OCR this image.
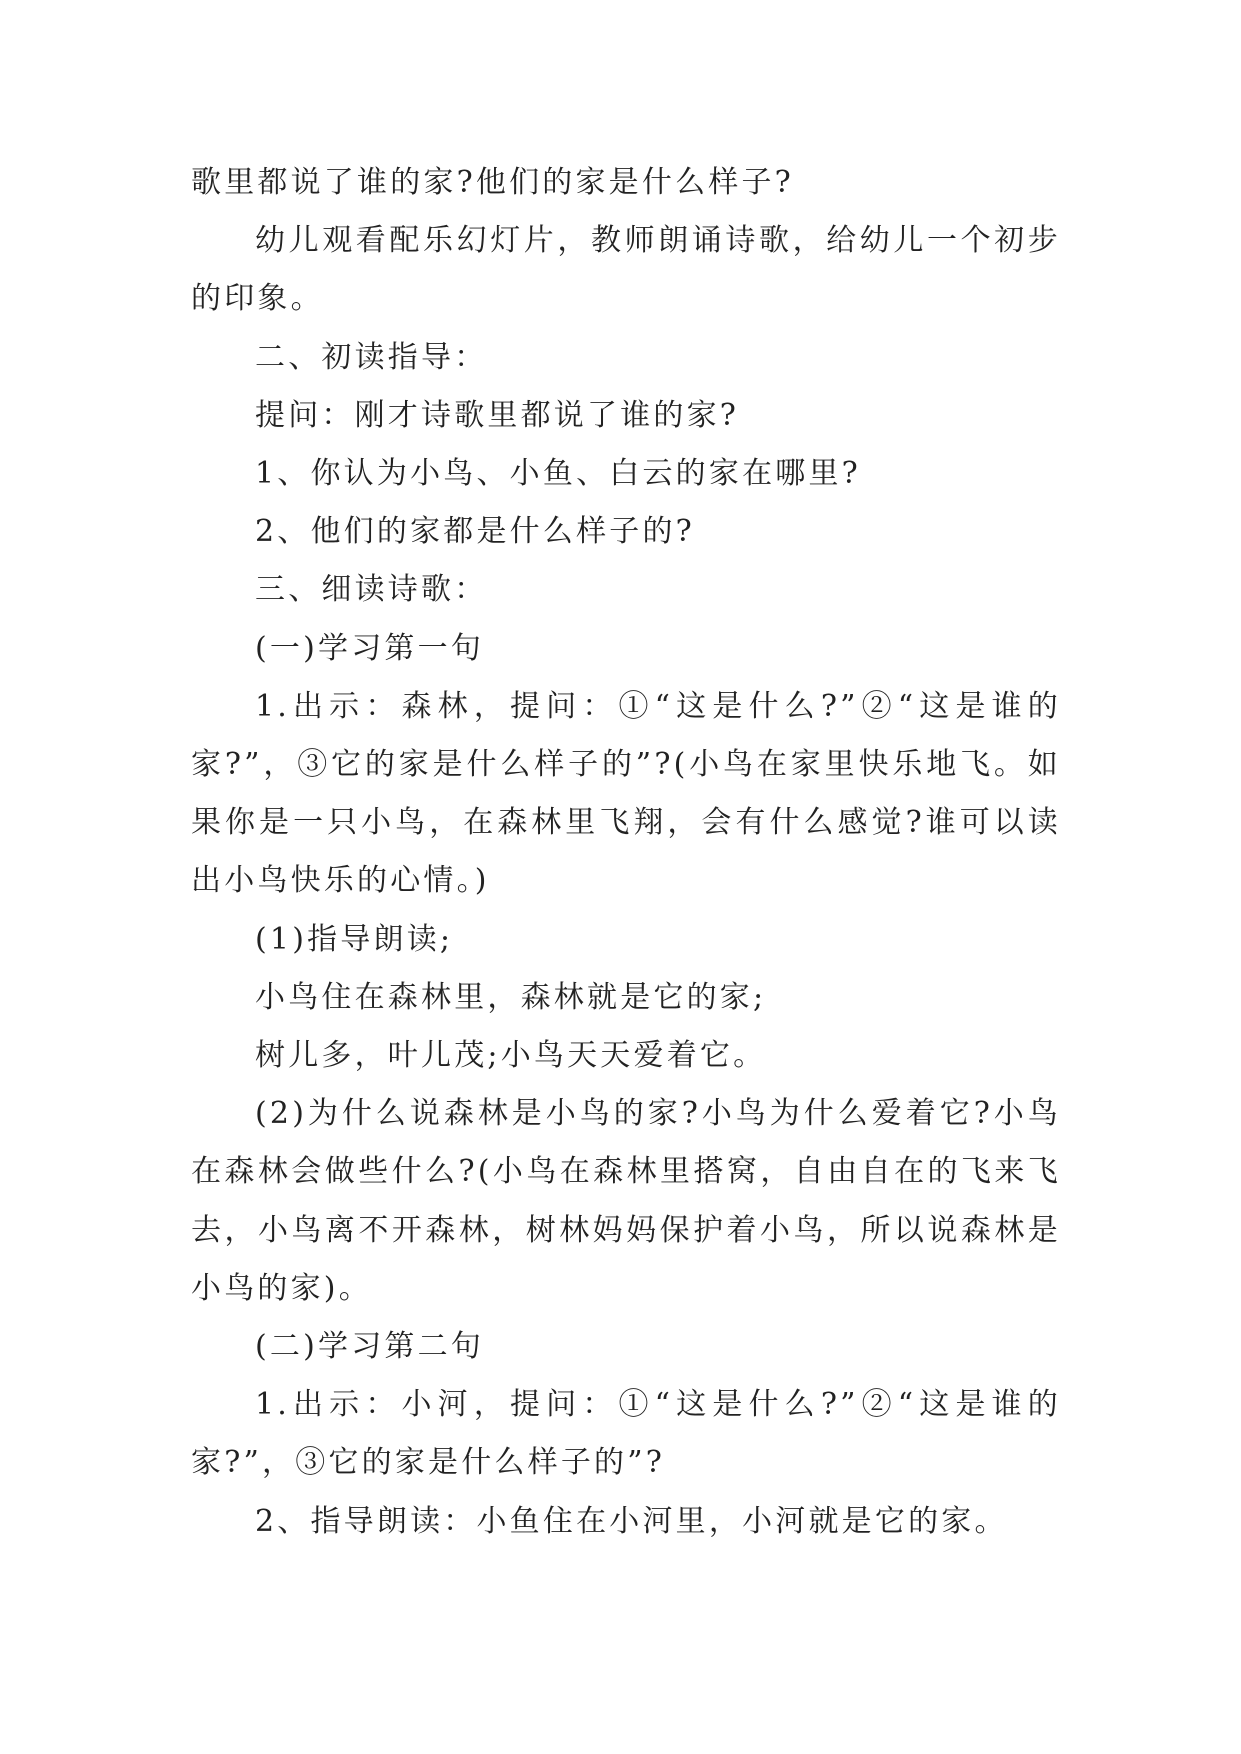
歌里都说了谁的家?他们的家是什么样子?

幼儿观看配乐幻灯片，教师朗诵诗歌，给幼儿一个初步的印象。

二、初读指导：

提问：刚才诗歌里都说了谁的家?

1、你认为小鸟、小鱼、白云的家在哪里?

2、他们的家都是什么样子的?

三、细读诗歌：

(一)学习第一句

1.出示：森林，提问：①“这是什么?”②“这是谁的家?”，③它的家是什么样子的”?(小鸟在家里快乐地飞。如果你是一只小鸟，在森林里飞翔，会有什么感觉?谁可以读出小鸟快乐的心情。)

(1)指导朗读;

小鸟住在森林里，森林就是它的家;

树儿多，叶儿茂;小鸟天天爱着它。

(2)为什么说森林是小鸟的家?小鸟为什么爱着它?小鸟在森林会做些什么?(小鸟在森林里搭窝，自由自在的飞来飞去，小鸟离不开森林，树林妈妈保护着小鸟，所以说森林是小鸟的家)。

(二)学习第二句

1.出示：小河，提问：①“这是什么?”②“这是谁的家?”，③它的家是什么样子的”?

2、指导朗读：小鱼住在小河里，小河就是它的家。
